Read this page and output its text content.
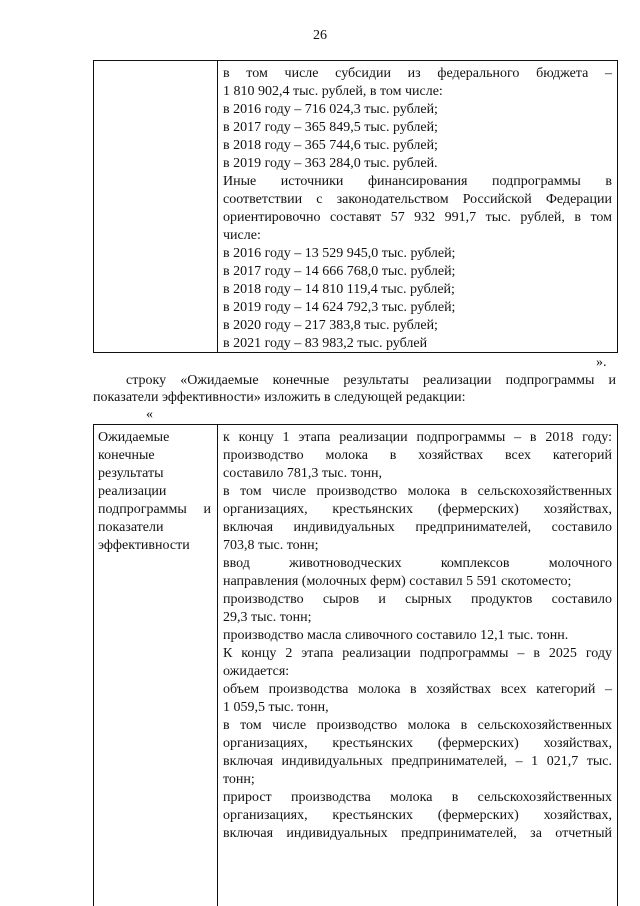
26
в том числе субсидии из федерального бюджета –
1 810 902,4 тыс. рублей, в том числе:
в 2016 году – 716 024,3 тыс. рублей;
в 2017 году – 365 849,5 тыс. рублей;
в 2018 году – 365 744,6 тыс. рублей;
в 2019 году – 363 284,0 тыс. рублей.
Иные источники финансирования подпрограммы в
соответствии с законодательством Российской Федерации
ориентировочно составят 57 932 991,7 тыс. рублей, в том
числе:
в 2016 году – 13 529 945,0 тыс. рублей;
в 2017 году – 14 666 768,0 тыс. рублей;
в 2018 году – 14 810 119,4 тыс. рублей;
в 2019 году – 14 624 792,3 тыс. рублей;
в 2020 году – 217 383,8 тыс. рублей;
в 2021 году – 83 983,2 тыс. рублей
».
строку «Ожидаемые конечные результаты реализации подпрограммы и
показатели эффективности» изложить в следующей редакции:
«
Ожидаемые
конечные
результаты
реализации
подпрограммы и
показатели
эффективности
к концу 1 этапа реализации подпрограммы – в 2018 году:
производство молока в хозяйствах всех категорий
составило 781,3 тыс. тонн,
в том числе производство молока в сельскохозяйственных
организациях, крестьянских (фермерских) хозяйствах,
включая индивидуальных предпринимателей, составило
703,8 тыс. тонн;
ввод животноводческих комплексов молочного
направления (молочных ферм) составил 5 591 скотоместо;
производство сыров и сырных продуктов составило
29,3 тыс. тонн;
производство масла сливочного составило 12,1 тыс. тонн.
К концу 2 этапа реализации подпрограммы – в 2025 году
ожидается:
объем производства молока в хозяйствах всех категорий –
1 059,5 тыс. тонн,
в том числе производство молока в сельскохозяйственных
организациях, крестьянских (фермерских) хозяйствах,
включая индивидуальных предпринимателей, – 1 021,7 тыс.
тонн;
прирост производства молока в сельскохозяйственных
организациях, крестьянских (фермерских) хозяйствах,
включая индивидуальных предпринимателей, за отчетный
